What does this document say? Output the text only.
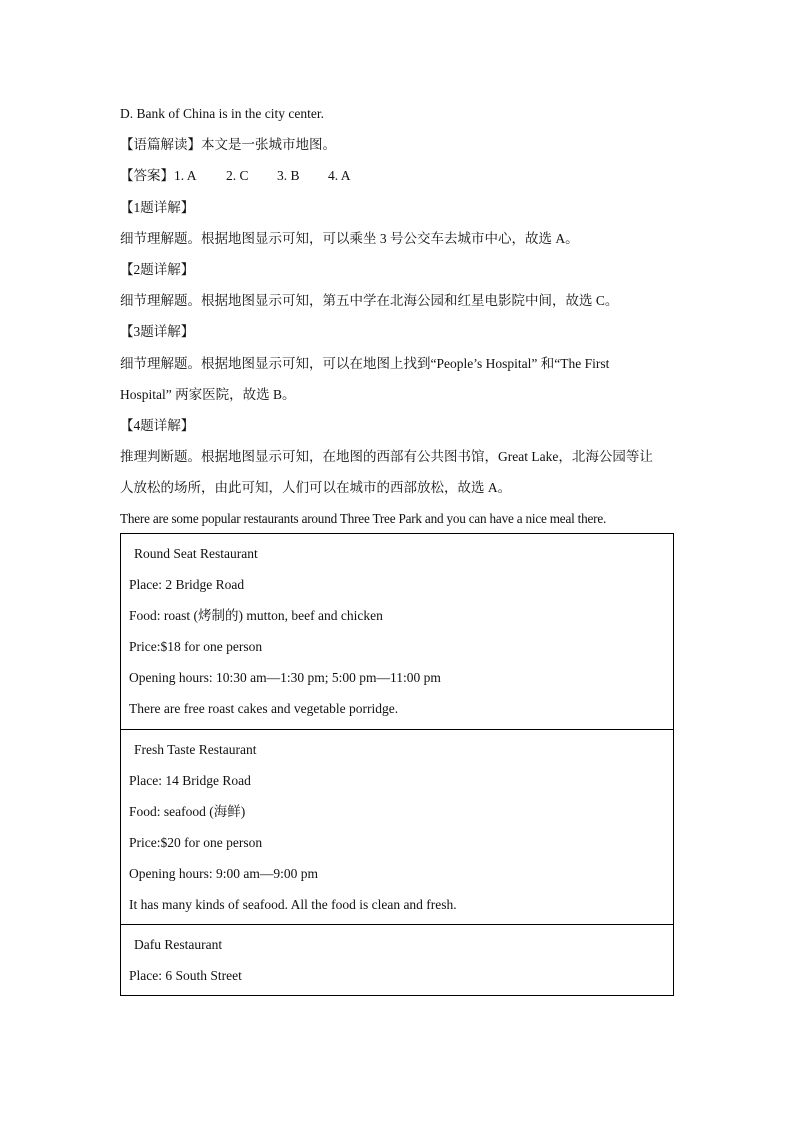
D. Bank of China is in the city center.
【语篇解读】本文是一张城市地图。
【答案】1. A 2. C 3. B 4. A
【1题详解】
细节理解题。根据地图显示可知，可以乘坐 3 号公交车去城市中心，故选 A。
【2题详解】
细节理解题。根据地图显示可知，第五中学在北海公园和红星电影院中间，故选 C。
【3题详解】
细节理解题。根据地图显示可知，可以在地图上找到“People’s Hospital” 和“The First
Hospital” 两家医院，故选 B。
【4题详解】
推理判断题。根据地图显示可知，在地图的西部有公共图书馆，Great Lake，北海公园等让
人放松的场所，由此可知，人们可以在城市的西部放松，故选 A。
There are some popular restaurants around Three Tree Park and you can have a nice meal there.
Round Seat Restaurant
Place: 2 Bridge Road
Food: roast (烤制的) mutton, beef and chicken
Price:$18 for one person
Opening hours: 10:30 am—1:30 pm; 5:00 pm—11:00 pm
There are free roast cakes and vegetable porridge.
Fresh Taste Restaurant
Place: 14 Bridge Road
Food: seafood (海鲜)
Price:$20 for one person
Opening hours: 9:00 am—9:00 pm
It has many kinds of seafood. All the food is clean and fresh.
Dafu Restaurant
Place: 6 South Street
